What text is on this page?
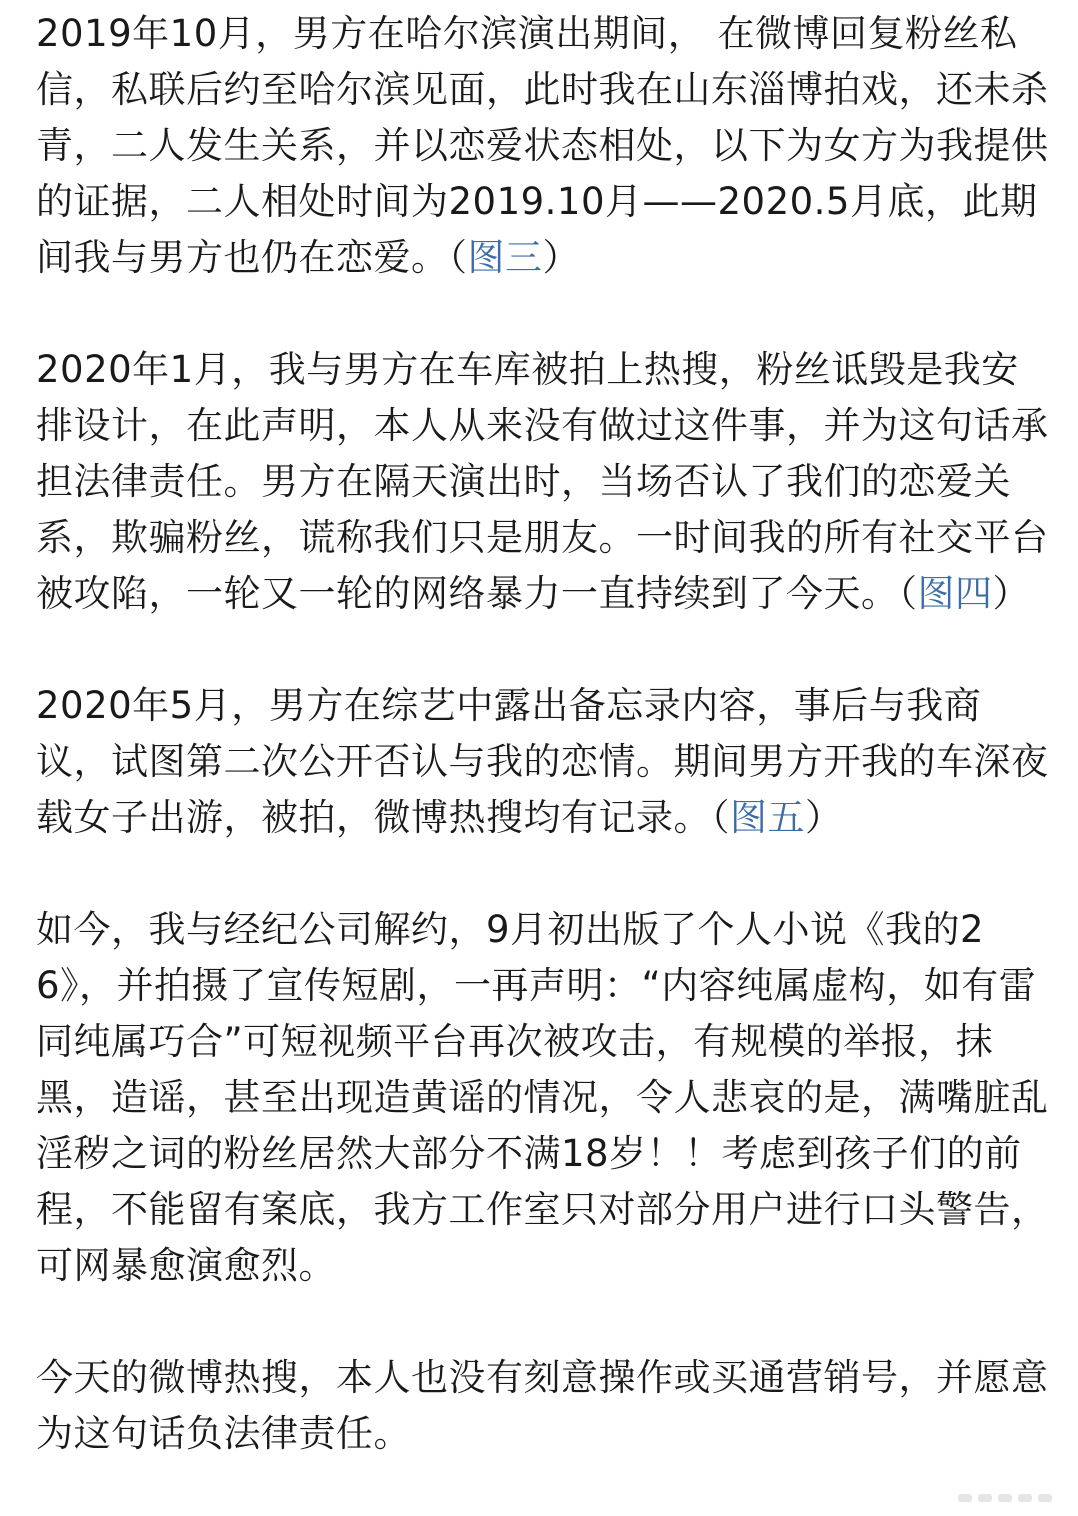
2019年10月，男方在哈尔滨演出期间， 在微博回复粉丝私信，私联后约至哈尔滨见面，此时我在山东淄博拍戏，还未杀青，二人发生关系，并以恋爱状态相处，以下为女方为我提供的证据，二人相处时间为2019.10月——2020.5月底，此期间我与男方也仍在恋爱。（图三）

2020年1月，我与男方在车库被拍上热搜，粉丝诋毁是我安排设计，在此声明，本人从来没有做过这件事，并为这句话承担法律责任。男方在隔天演出时，当场否认了我们的恋爱关系，欺骗粉丝，谎称我们只是朋友。一时间我的所有社交平台被攻陷，一轮又一轮的网络暴力一直持续到了今天。（图四）

2020年5月，男方在综艺中露出备忘录内容，事后与我商议，试图第二次公开否认与我的恋情。期间男方开我的车深夜载女子出游，被拍，微博热搜均有记录。（图五）

如今，我与经纪公司解约，9月初出版了个人小说《我的26》，并拍摄了宣传短剧，一再声明：“内容纯属虚构，如有雷同纯属巧合”可短视频平台再次被攻击，有规模的举报，抹黑，造谣，甚至出现造黄谣的情况，令人悲哀的是，满嘴脏乱淫秽之词的粉丝居然大部分不满18岁！！考虑到孩子们的前程，不能留有案底，我方工作室只对部分用户进行口头警告，可网暴愈演愈烈。

今天的微博热搜，本人也没有刻意操作或买通营销号，并愿意为这句话负法律责任。
